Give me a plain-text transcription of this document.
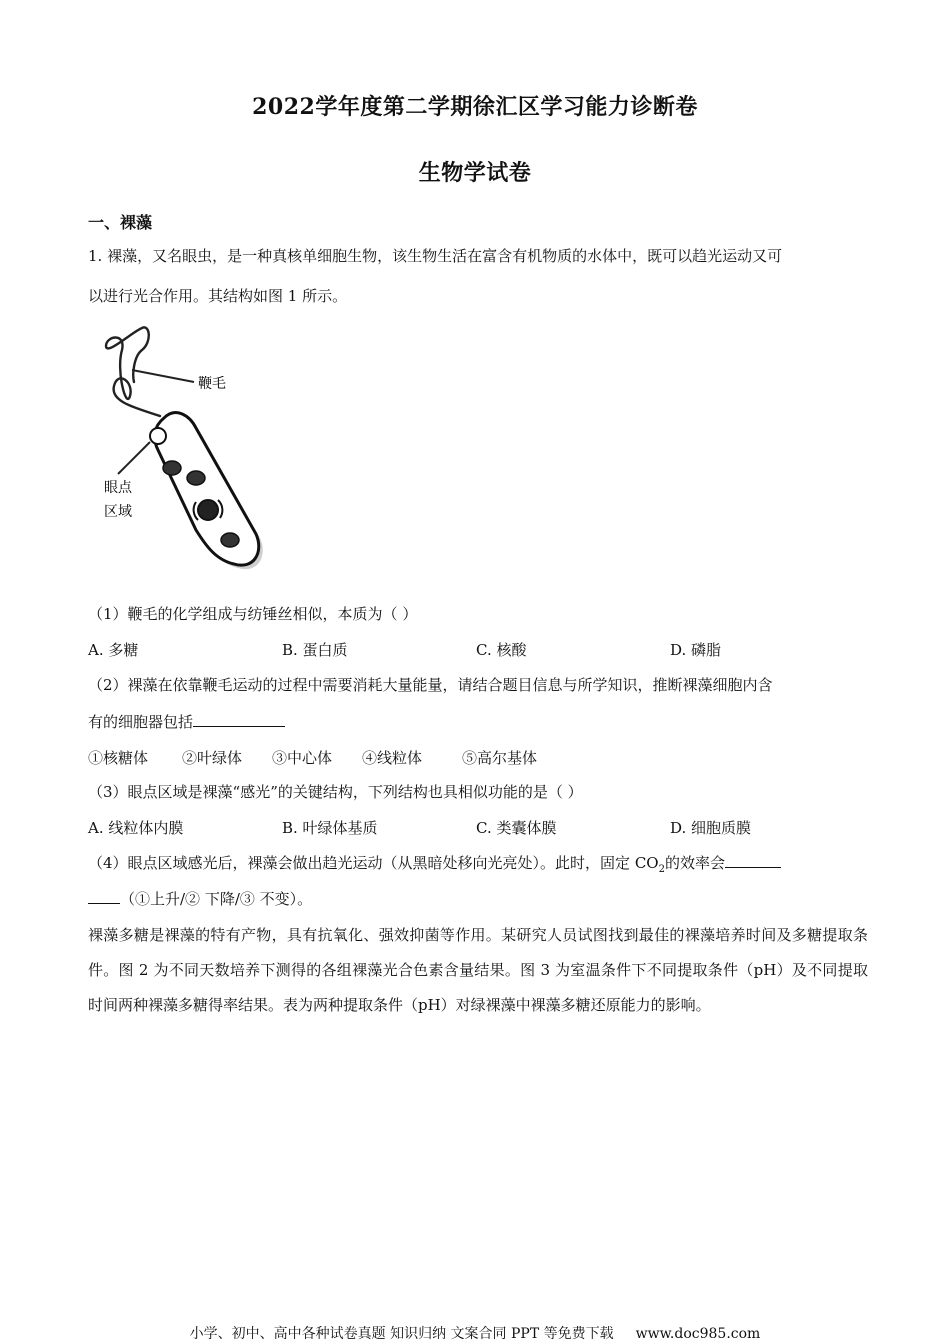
2022学年度第二学期徐汇区学习能力诊断卷
生物学试卷
一、裸藻
1. 裸藻，又名眼虫，是一种真核单细胞生物，该生物生活在富含有机物质的水体中，既可以趋光运动又可
以进行光合作用。其结构如图 1 所示。
鞭毛
眼点
区域
（1）鞭毛的化学组成与纺锤丝相似，本质为（ ）
A. 多糖	B. 蛋白质	C. 核酸	D. 磷脂
（2）裸藻在依靠鞭毛运动的过程中需要消耗大量能量，请结合题目信息与所学知识，推断裸藻细胞内含
有的细胞器包括
①核糖体 ②叶绿体 ③中心体 ④线粒体	⑤高尔基体
（3）眼点区域是裸藻“感光”的关键结构，下列结构也具相似功能的是（ ）
A. 线粒体内膜	B. 叶绿体基质	C. 类囊体膜	D. 细胞质膜
（4）眼点区域感光后，裸藻会做出趋光运动（从黑暗处移向光亮处）。此时，固定 $CO_2$的效率会
（①上升/② 下降/③ 不变）。
裸藻多糖是裸藻的特有产物，具有抗氧化、强效抑菌等作用。某研究人员试图找到最佳的裸藻培养时间及多糖提取条件。图 2 为不同天数培养下测得的各组裸藻光合色素含量结果。图 3 为室温条件下不同提取条件（pH）及不同提取时间两种裸藻多糖得率结果。表为两种提取条件（pH）对绿裸藻中裸藻多糖还原能力的影响。
小学、初中、高中各种试卷真题 知识归纳 文案合同 PPT 等免费下载 www.doc985.com
